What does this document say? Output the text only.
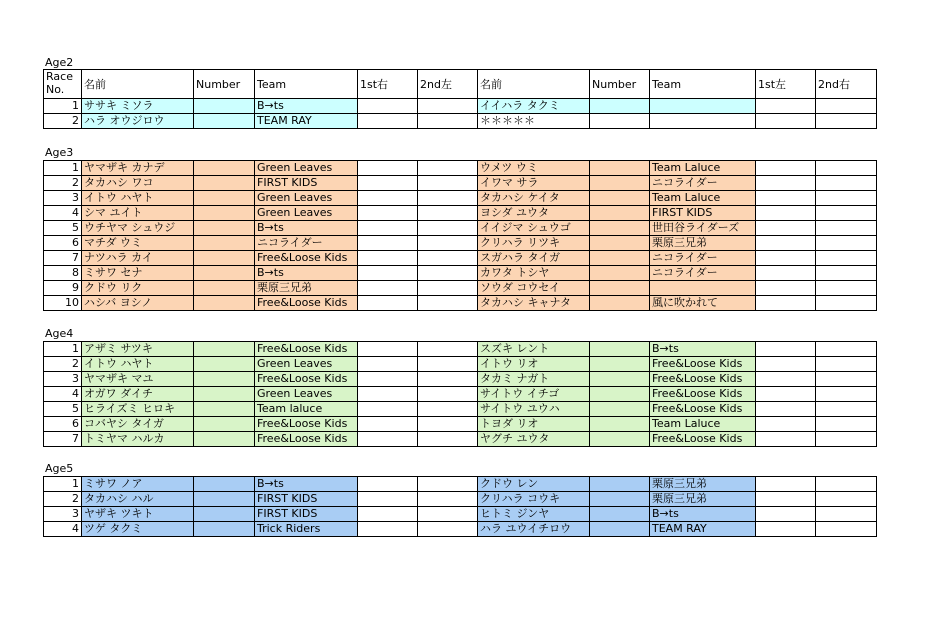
Age2
Race
No.	名前	Number	Team	1st右	2nd左	名前	Number	Team	1st左	2nd右
1	ササキ ミソラ		B→ts			イイハラ タクミ				
2	ハラ オウジロウ		TEAM RAY			＊＊＊＊＊				
Age3
1	ヤマザキ カナデ		Green Leaves			ウメツ ウミ		Team Laluce		
2	タカハシ ワコ		FIRST KIDS			イワマ サラ		ニコライダー		
3	イトウ ハヤト		Green Leaves			タカハシ ケイタ		Team Laluce		
4	シマ ユイト		Green Leaves			ヨシダ ユウタ		FIRST KIDS		
5	ウチヤマ シュウジ		B→ts			イイジマ シュウゴ		世田谷ライダーズ		
6	マチダ ウミ		ニコライダー			クリハラ リツキ		栗原三兄弟		
7	ナツハラ カイ		Free&Loose Kids			スガハラ タイガ		ニコライダー		
8	ミサワ セナ		B→ts			カワタ トシヤ		ニコライダー		
9	クドウ リク		栗原三兄弟			ソウダ コウセイ				
10	ハシバ ヨシノ		Free&Loose Kids			タカハシ キャナタ		風に吹かれて		
Age4
1	アザミ サツキ		Free&Loose Kids			スズキ レント		B→ts		
2	イトウ ハヤト		Green Leaves			イトウ リオ		Free&Loose Kids		
3	ヤマザキ マユ		Free&Loose Kids			タカミ ナガト		Free&Loose Kids		
4	オガワ ダイチ		Green Leaves			サイトウ イチゴ		Free&Loose Kids		
5	ヒライズミ ヒロキ		Team laluce			サイトウ ユウハ		Free&Loose Kids		
6	コバヤシ タイガ		Free&Loose Kids			トヨダ リオ		Team Laluce		
7	トミヤマ ハルカ		Free&Loose Kids			ヤグチ ユウタ		Free&Loose Kids		
Age5
1	ミサワ ノア		B→ts			クドウ レン		栗原三兄弟		
2	タカハシ ハル		FIRST KIDS			クリハラ コウキ		栗原三兄弟		
3	ヤザキ ツキト		FIRST KIDS			ヒトミ ジンヤ		B→ts		
4	ツゲ タクミ		Trick Riders			ハラ ユウイチロウ		TEAM RAY		
